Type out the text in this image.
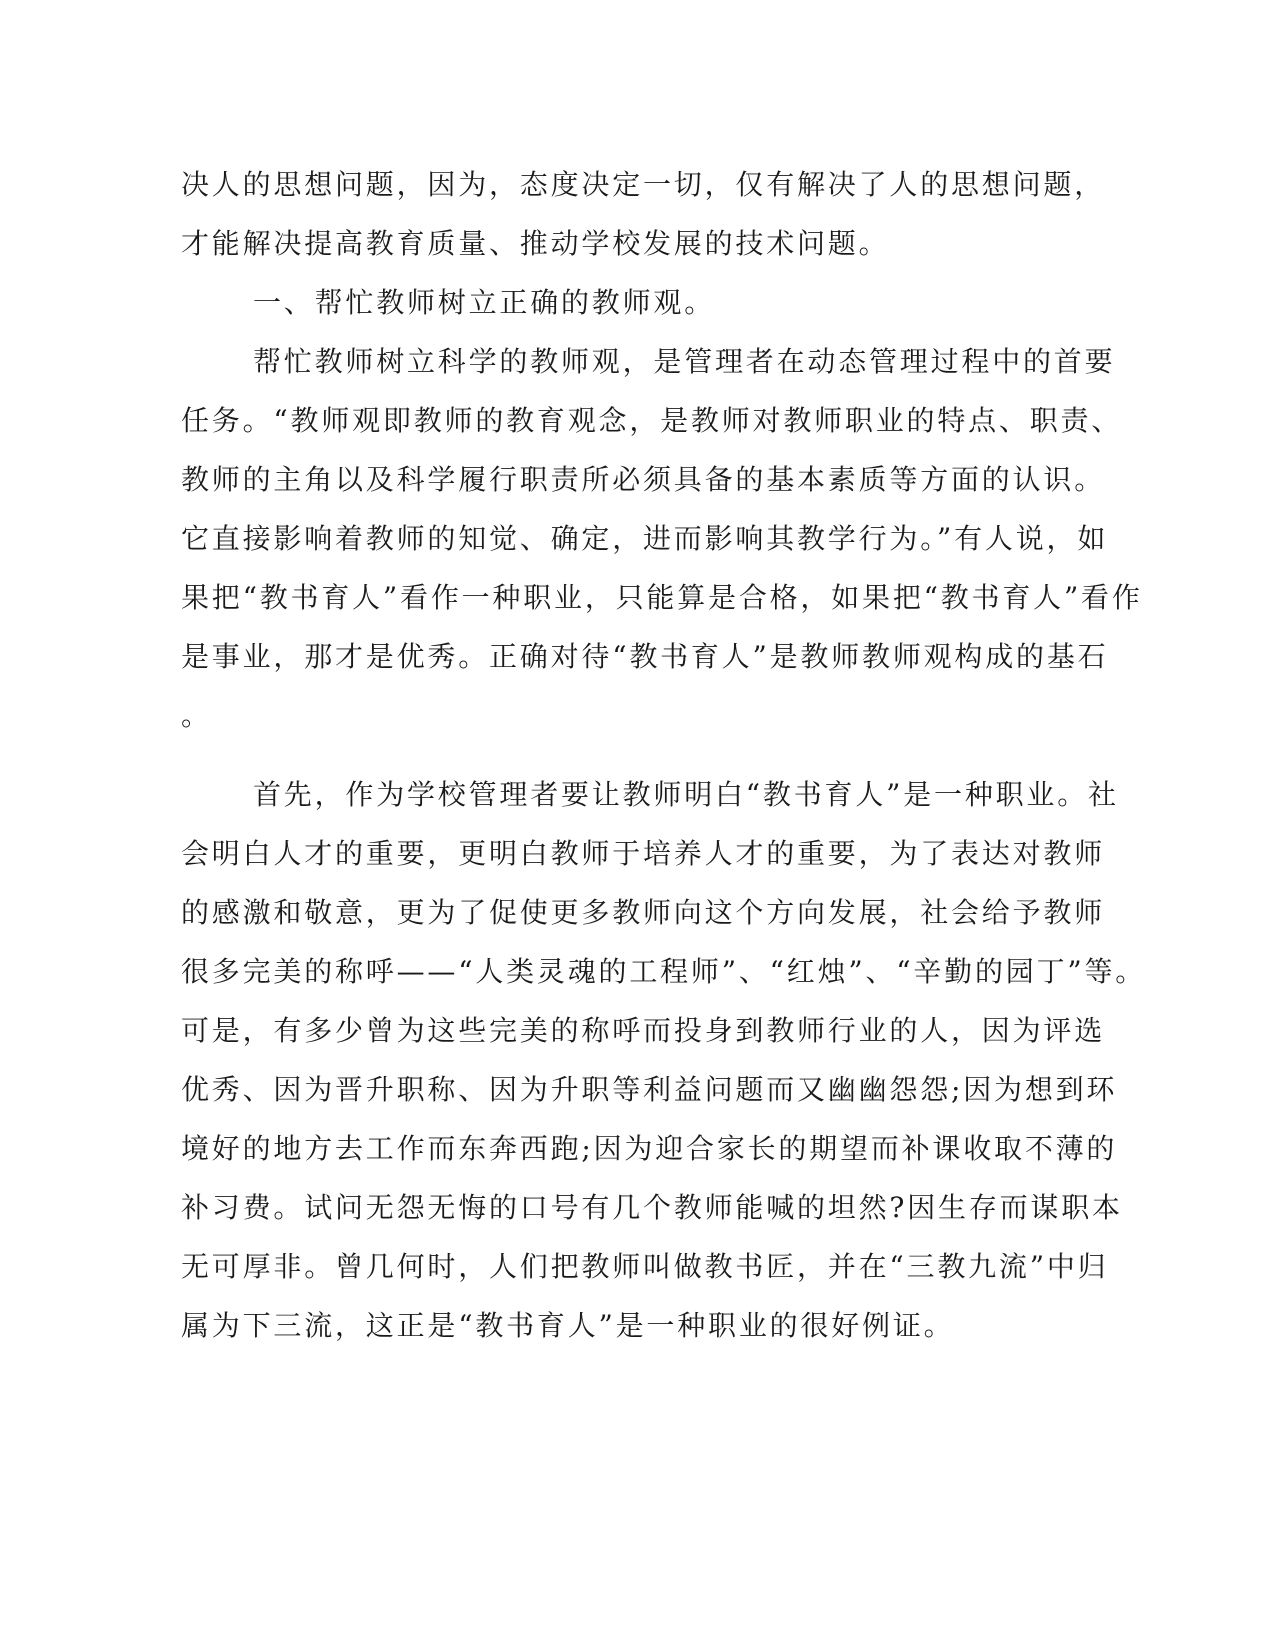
决人的思想问题，因为，态度决定一切，仅有解决了人的思想问题，
才能解决提高教育质量、推动学校发展的技术问题。
一、帮忙教师树立正确的教师观。
帮忙教师树立科学的教师观，是管理者在动态管理过程中的首要
任务。“教师观即教师的教育观念，是教师对教师职业的特点、职责、
教师的主角以及科学履行职责所必须具备的基本素质等方面的认识。
它直接影响着教师的知觉、确定，进而影响其教学行为。”有人说，如
果把“教书育人”看作一种职业，只能算是合格，如果把“教书育人”看作
是事业，那才是优秀。正确对待“教书育人”是教师教师观构成的基石
。
首先，作为学校管理者要让教师明白“教书育人”是一种职业。社
会明白人才的重要，更明白教师于培养人才的重要，为了表达对教师
的感激和敬意，更为了促使更多教师向这个方向发展，社会给予教师
很多完美的称呼——“人类灵魂的工程师”、“红烛”、“辛勤的园丁”等。
可是，有多少曾为这些完美的称呼而投身到教师行业的人，因为评选
优秀、因为晋升职称、因为升职等利益问题而又幽幽怨怨;因为想到环
境好的地方去工作而东奔西跑;因为迎合家长的期望而补课收取不薄的
补习费。试问无怨无悔的口号有几个教师能喊的坦然?因生存而谋职本
无可厚非。曾几何时，人们把教师叫做教书匠，并在“三教九流”中归
属为下三流，这正是“教书育人”是一种职业的很好例证。
